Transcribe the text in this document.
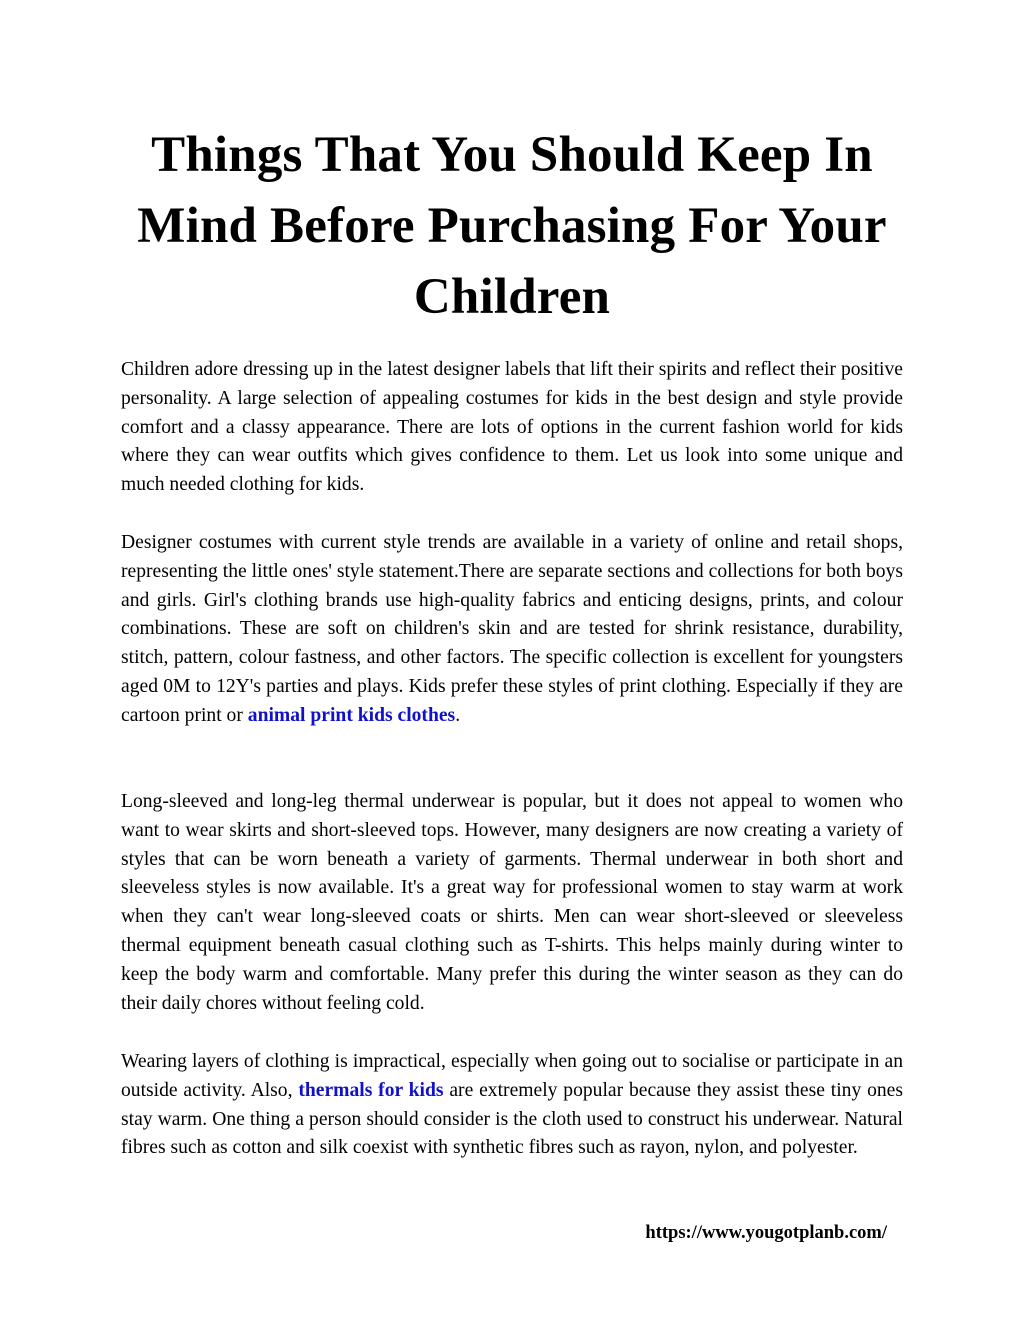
Things That You Should Keep In Mind Before Purchasing For Your Children

Children adore dressing up in the latest designer labels that lift their spirits and reflect their positive personality. A large selection of appealing costumes for kids in the best design and style provide comfort and a classy appearance. There are lots of options in the current fashion world for kids where they can wear outfits which gives confidence to them. Let us look into some unique and much needed clothing for kids.

Designer costumes with current style trends are available in a variety of online and retail shops, representing the little ones' style statement.There are separate sections and collections for both boys and girls. Girl's clothing brands use high-quality fabrics and enticing designs, prints, and colour combinations. These are soft on children's skin and are tested for shrink resistance, durability, stitch, pattern, colour fastness, and other factors. The specific collection is excellent for youngsters aged 0M to 12Y's parties and plays. Kids prefer these styles of print clothing. Especially if they are cartoon print or animal print kids clothes.

Long-sleeved and long-leg thermal underwear is popular, but it does not appeal to women who want to wear skirts and short-sleeved tops. However, many designers are now creating a variety of styles that can be worn beneath a variety of garments. Thermal underwear in both short and sleeveless styles is now available. It's a great way for professional women to stay warm at work when they can't wear long-sleeved coats or shirts. Men can wear short-sleeved or sleeveless thermal equipment beneath casual clothing such as T-shirts. This helps mainly during winter to keep the body warm and comfortable. Many prefer this during the winter season as they can do their daily chores without feeling cold.

Wearing layers of clothing is impractical, especially when going out to socialise or participate in an outside activity. Also, thermals for kids are extremely popular because they assist these tiny ones stay warm. One thing a person should consider is the cloth used to construct his underwear. Natural fibres such as cotton and silk coexist with synthetic fibres such as rayon, nylon, and polyester.

https://www.yougotplanb.com/
